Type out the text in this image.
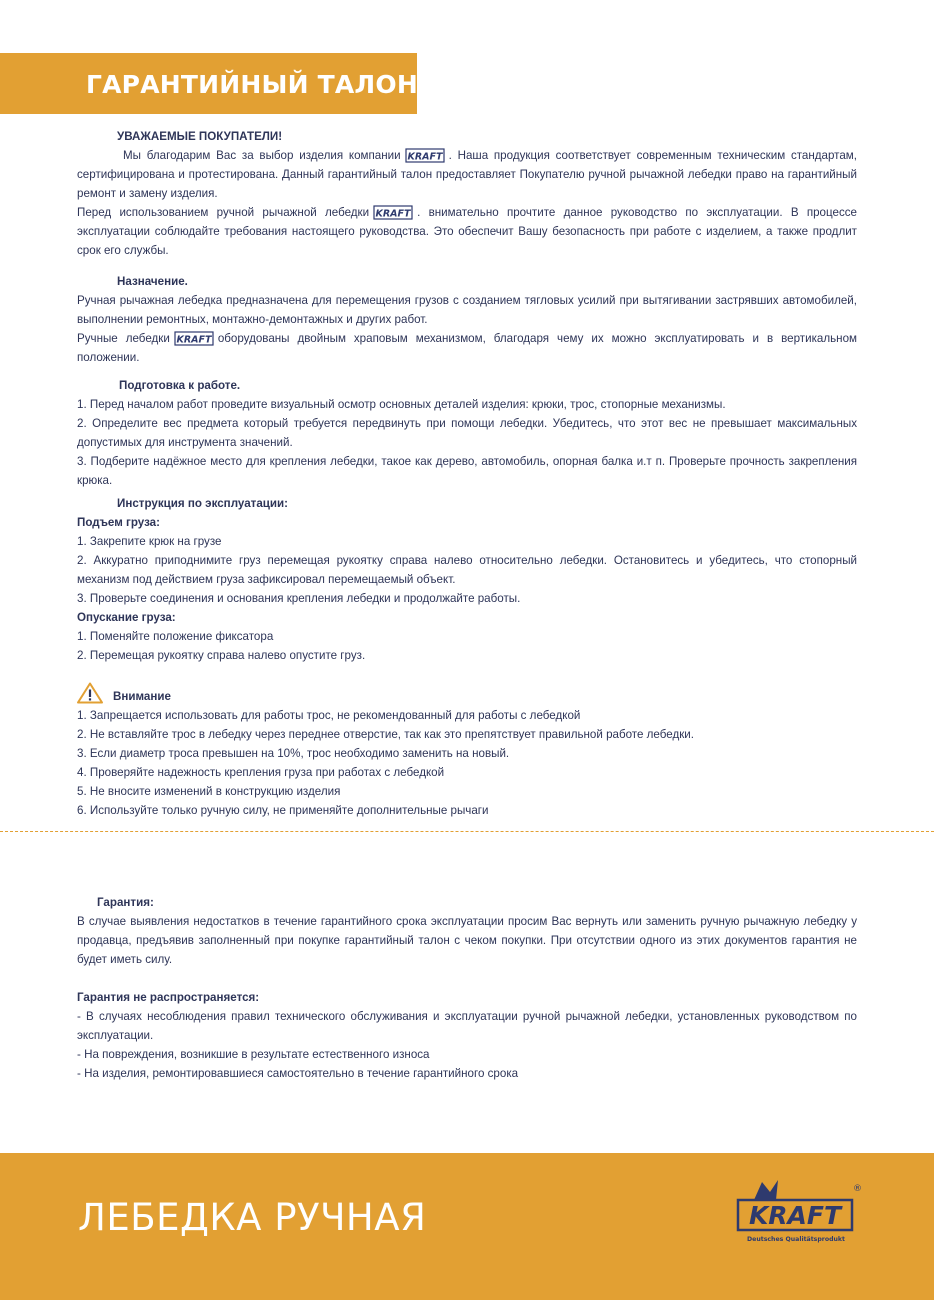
ГАРАНТИЙНЫЙ ТАЛОН

УВАЖАЕМЫЕ ПОКУПАТЕЛИ!

Мы благодарим Вас за выбор изделия компании KRAFT . Наша продукция соответствует современным техническим стандартам, сертифицирована и протестирована. Данный гарантийный талон предоставляет Покупателю ручной рычажной лебедки право на гарантийный ремонт и замену изделия.

Перед использованием ручной рычажной лебедки KRAFT . внимательно прочтите данное руководство по эксплуатации. В процессе эксплуатации соблюдайте требования настоящего руководства. Это обеспечит Вашу безопасность при работе с изделием, а также продлит срок его службы.

Назначение.

Ручная рычажная лебедка предназначена для перемещения грузов с созданием тягловых усилий при вытягивании застрявших автомобилей, выполнении ремонтных, монтажно-демонтажных и других работ.

Ручные лебедки KRAFT оборудованы двойным храповым механизмом, благодаря чему их можно эксплуатировать и в вертикальном положении.

Подготовка к работе.

1. Перед началом работ проведите визуальный осмотр основных деталей изделия: крюки, трос, стопорные механизмы.

2. Определите вес предмета который требуется передвинуть при помощи лебедки. Убедитесь, что этот вес не превышает максимальных допустимых для инструмента значений.

3. Подберите надёжное место для крепления лебедки, такое как дерево, автомобиль, опорная балка и.т п. Проверьте прочность закрепления крюка.

Инструкция по эксплуатации:

Подъем груза:

1. Закрепите крюк на грузе

2. Аккуратно приподнимите груз перемещая рукоятку справа налево относительно лебедки. Остановитесь и убедитесь, что стопорный механизм под действием груза зафиксировал перемещаемый объект.

3. Проверьте соединения и основания крепления лебедки и продолжайте работы.

Опускание груза:

1. Поменяйте положение фиксатора

2. Перемещая рукоятку справа налево опустите груз.

Внимание

1. Запрещается использовать для работы трос, не рекомендованный для работы с лебедкой

2. Не вставляйте трос в лебедку через переднее отверстие, так как это препятствует правильной работе лебедки.

3. Если диаметр троса превышен на 10%, трос необходимо заменить на новый.

4. Проверяйте надежность крепления груза при работах с лебедкой

5. Не вносите изменений в конструкцию изделия

6. Используйте только ручную силу, не применяйте дополнительные рычаги

Гарантия:

В случае выявления недостатков в течение гарантийного срока эксплуатации просим Вас вернуть или заменить ручную рычажную лебедку у продавца, предъявив заполненный при покупке гарантийный талон с чеком покупки. При отсутствии одного из этих документов гарантия не будет иметь силу.

Гарантия не распространяется:

- В случаях несоблюдения правил технического обслуживания и эксплуатации ручной рычажной лебедки, установленных руководством по эксплуатации.

- На повреждения, возникшие в результате естественного износа

- На изделия, ремонтировавшиеся самостоятельно в течение гарантийного срока

ЛЕБЕДКА РУЧНАЯ	KRAFT
®
Deutsches Qualitätsprodukt
